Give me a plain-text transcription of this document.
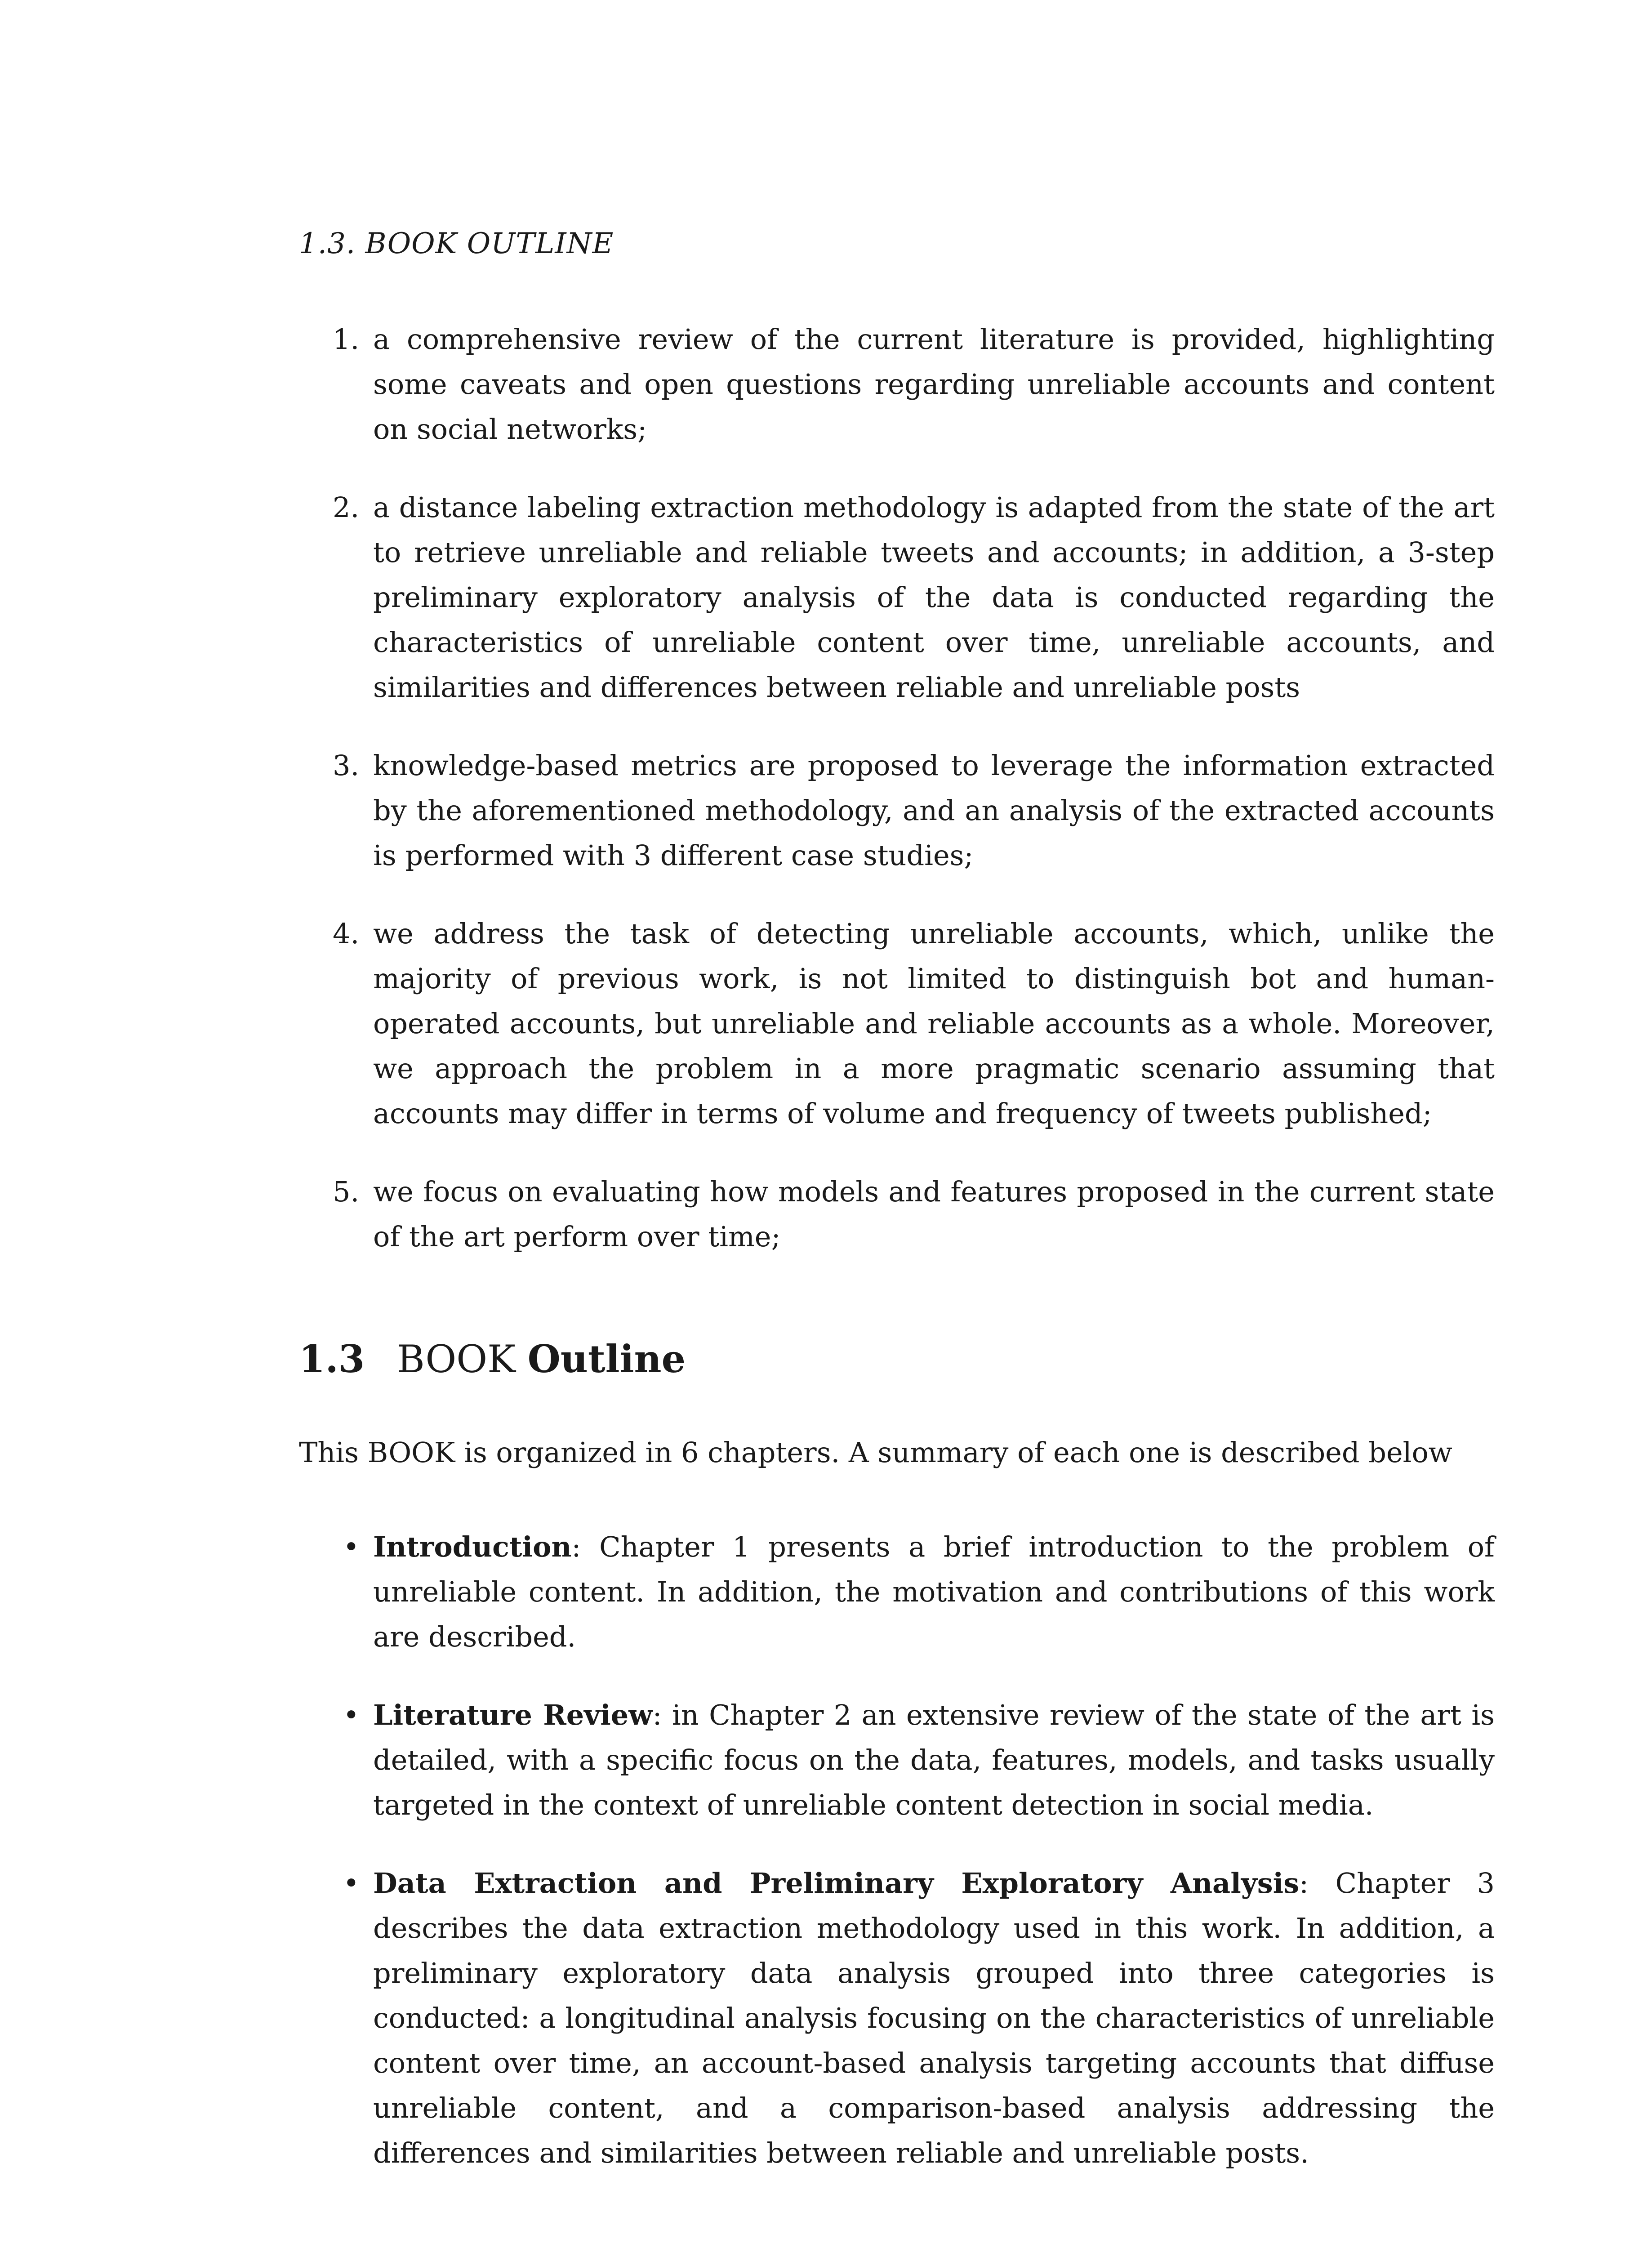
1.3. BOOK OUTLINE
1. a comprehensive review of the current literature is provided, highlighting some caveats and open questions regarding unreliable accounts and content on social networks;
2. a distance labeling extraction methodology is adapted from the state of the art to retrieve unreliable and reliable tweets and accounts; in addition, a 3-step preliminary exploratory analysis of the data is conducted regarding the characteristics of unreliable content over time, unreliable accounts, and similarities and differences between reliable and unreliable posts
3. knowledge-based metrics are proposed to leverage the information extracted by the aforementioned methodology, and an analysis of the extracted accounts is performed with 3 different case studies;
4. we address the task of detecting unreliable accounts, which, unlike the majority of previous work, is not limited to distinguish bot and human-operated accounts, but unreliable and reliable accounts as a whole. Moreover, we approach the problem in a more pragmatic scenario assuming that accounts may differ in terms of volume and frequency of tweets published;
5. we focus on evaluating how models and features proposed in the current state of the art perform over time;
1.3 BOOK Outline
This BOOK is organized in 6 chapters. A summary of each one is described below
• Introduction: Chapter 1 presents a brief introduction to the problem of unreliable content. In addition, the motivation and contributions of this work are described.
• Literature Review: in Chapter 2 an extensive review of the state of the art is detailed, with a specific focus on the data, features, models, and tasks usually targeted in the context of unreliable content detection in social media.
• Data Extraction and Preliminary Exploratory Analysis: Chapter 3 describes the data extraction methodology used in this work. In addition, a preliminary exploratory data analysis grouped into three categories is conducted: a longitudinal analysis focusing on the characteristics of unreliable content over time, an account-based analysis targeting accounts that diffuse unreliable content, and a comparison-based analysis addressing the differences and similarities between reliable and unreliable posts.
